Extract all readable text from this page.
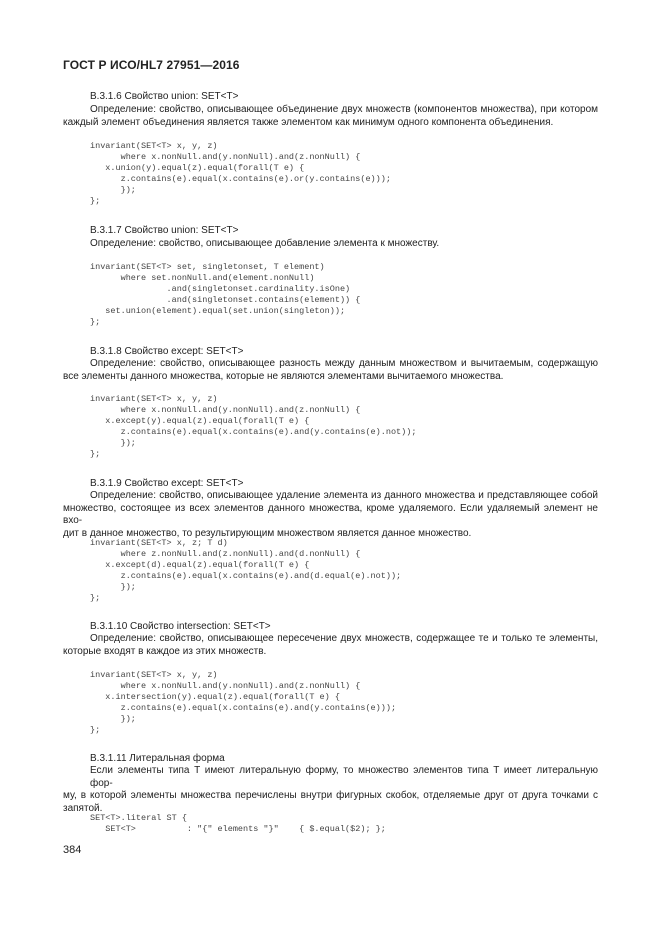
ГОСТ Р ИСО/HL7 27951—2016
B.3.1.6 Свойство union: SET<T>
Определение: свойство, описывающее объединение двух множеств (компонентов множества), при котором
каждый элемент объединения является также элементом как минимум одного компонента объединения.
invariant(SET<T> x, y, z)
where x.nonNull.and(y.nonNull).and(z.nonNull) {
x.union(y).equal(z).equal(forall(T e) {
z.contains(e).equal(x.contains(e).or(y.contains(e)));
});
};
B.3.1.7 Свойство union: SET<T>
Определение: свойство, описывающее добавление элемента к множеству.
invariant(SET<T> set, singletonset, T element)
where set.nonNull.and(element.nonNull)
.and(singletonset.cardinality.isOne)
.and(singletonset.contains(element)) {
set.union(element).equal(set.union(singleton));
};
B.3.1.8 Свойство except: SET<T>
Определение: свойство, описывающее разность между данным множеством и вычитаемым, содержащую
все элементы данного множества, которые не являются элементами вычитаемого множества.
invariant(SET<T> x, y, z)
where x.nonNull.and(y.nonNull).and(z.nonNull) {
x.except(y).equal(z).equal(forall(T e) {
z.contains(e).equal(x.contains(e).and(y.contains(e).not));
});
};
B.3.1.9 Свойство except: SET<T>
Определение: свойство, описывающее удаление элемента из данного множества и представляющее собой
множество, состоящее из всех элементов данного множества, кроме удаляемого. Если удаляемый элемент не вхо-
дит в данное множество, то результирующим множеством является данное множество.
invariant(SET<T> x, z; T d)
where z.nonNull.and(z.nonNull).and(d.nonNull) {
x.except(d).equal(z).equal(forall(T e) {
z.contains(e).equal(x.contains(e).and(d.equal(e).not));
});
};
B.3.1.10 Свойство intersection: SET<T>
Определение: свойство, описывающее пересечение двух множеств, содержащее те и только те элементы,
которые входят в каждое из этих множеств.
invariant(SET<T> x, y, z)
where x.nonNull.and(y.nonNull).and(z.nonNull) {
x.intersection(y).equal(z).equal(forall(T e) {
z.contains(e).equal(x.contains(e).and(y.contains(e)));
});
};
B.3.1.11 Литеральная форма
Если элементы типа T имеют литеральную форму, то множество элементов типа T имеет литеральную фор-
му, в которой элементы множества перечислены внутри фигурных скобок, отделяемые друг от друга точками с
запятой.
SET<T>.literal ST {
SET<T>          : "{" elements "}"    { $.equal($2); };
384
